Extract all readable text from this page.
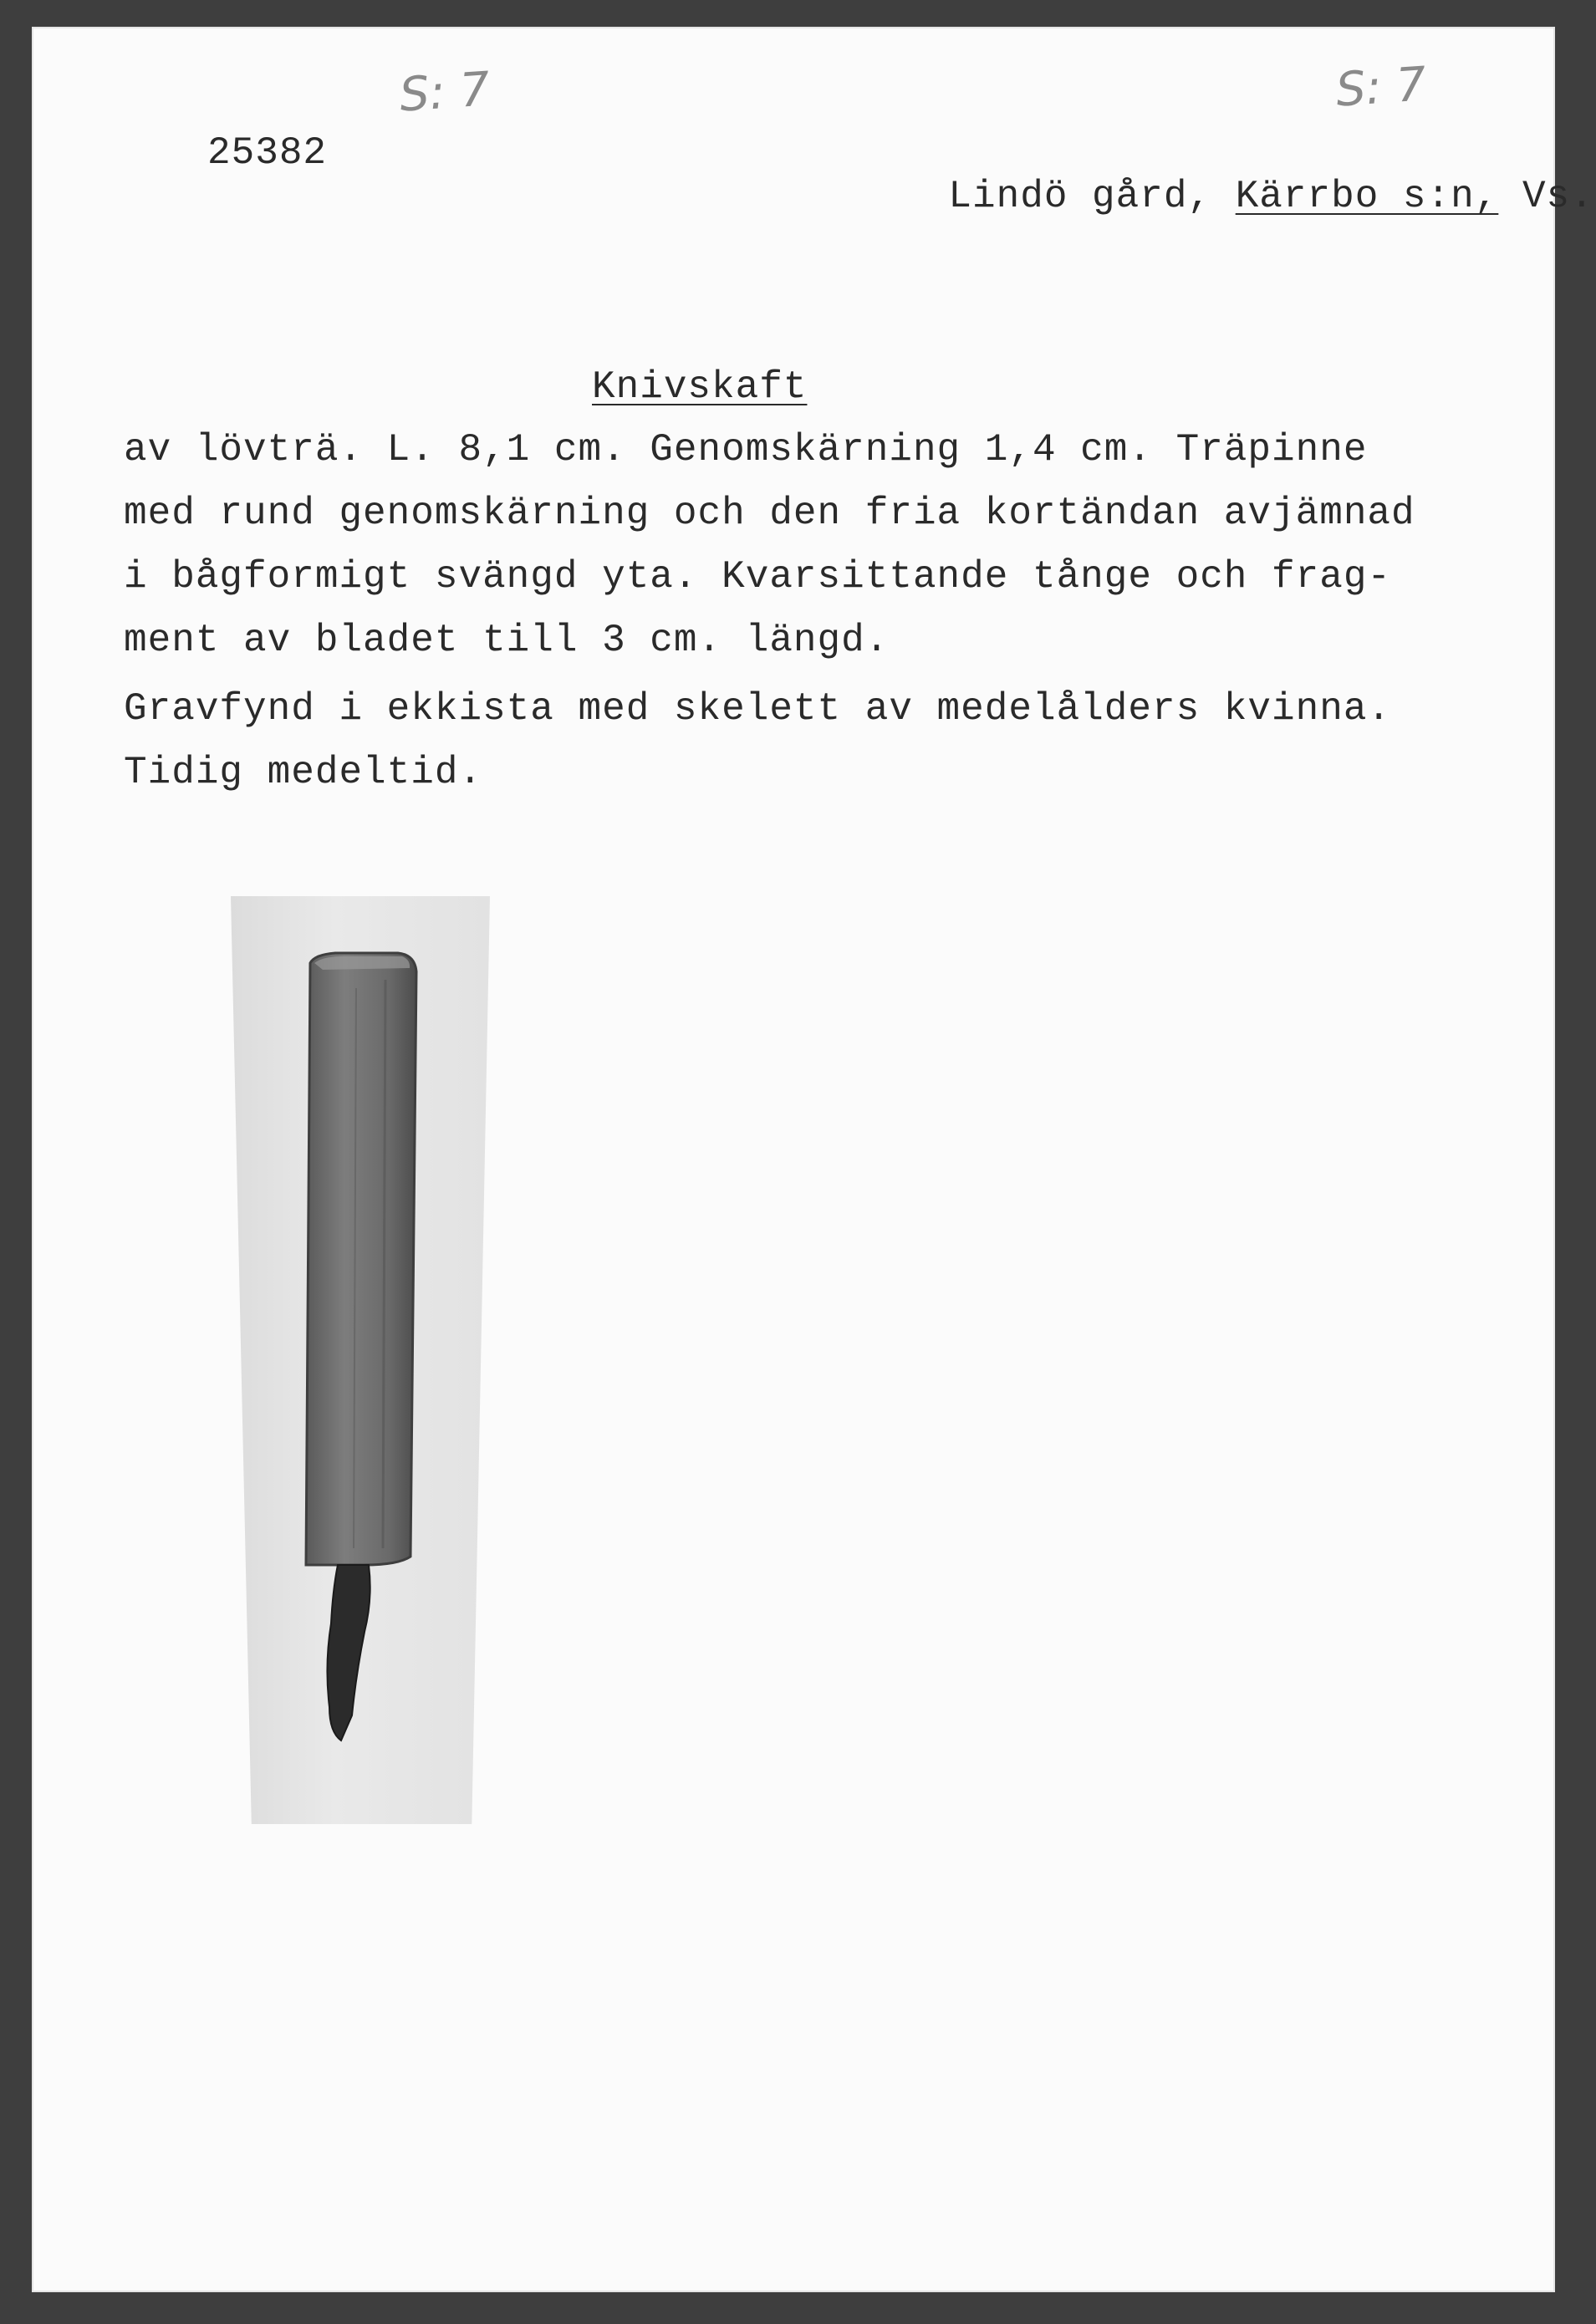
S: 7	S: 7
25382

Lindö gård, Kärrbo s:n, Vs.

Knivskaft
av lövträ. L. 8,1 cm. Genomskärning 1,4 cm. Träpinne
med rund genomskärning och den fria kortändan avjämnad
i bågformigt svängd yta. Kvarsittande tånge och frag-
ment av bladet till 3 cm. längd.
Gravfynd i ekkista med skelett av medelålders kvinna.
Tidig medeltid.
